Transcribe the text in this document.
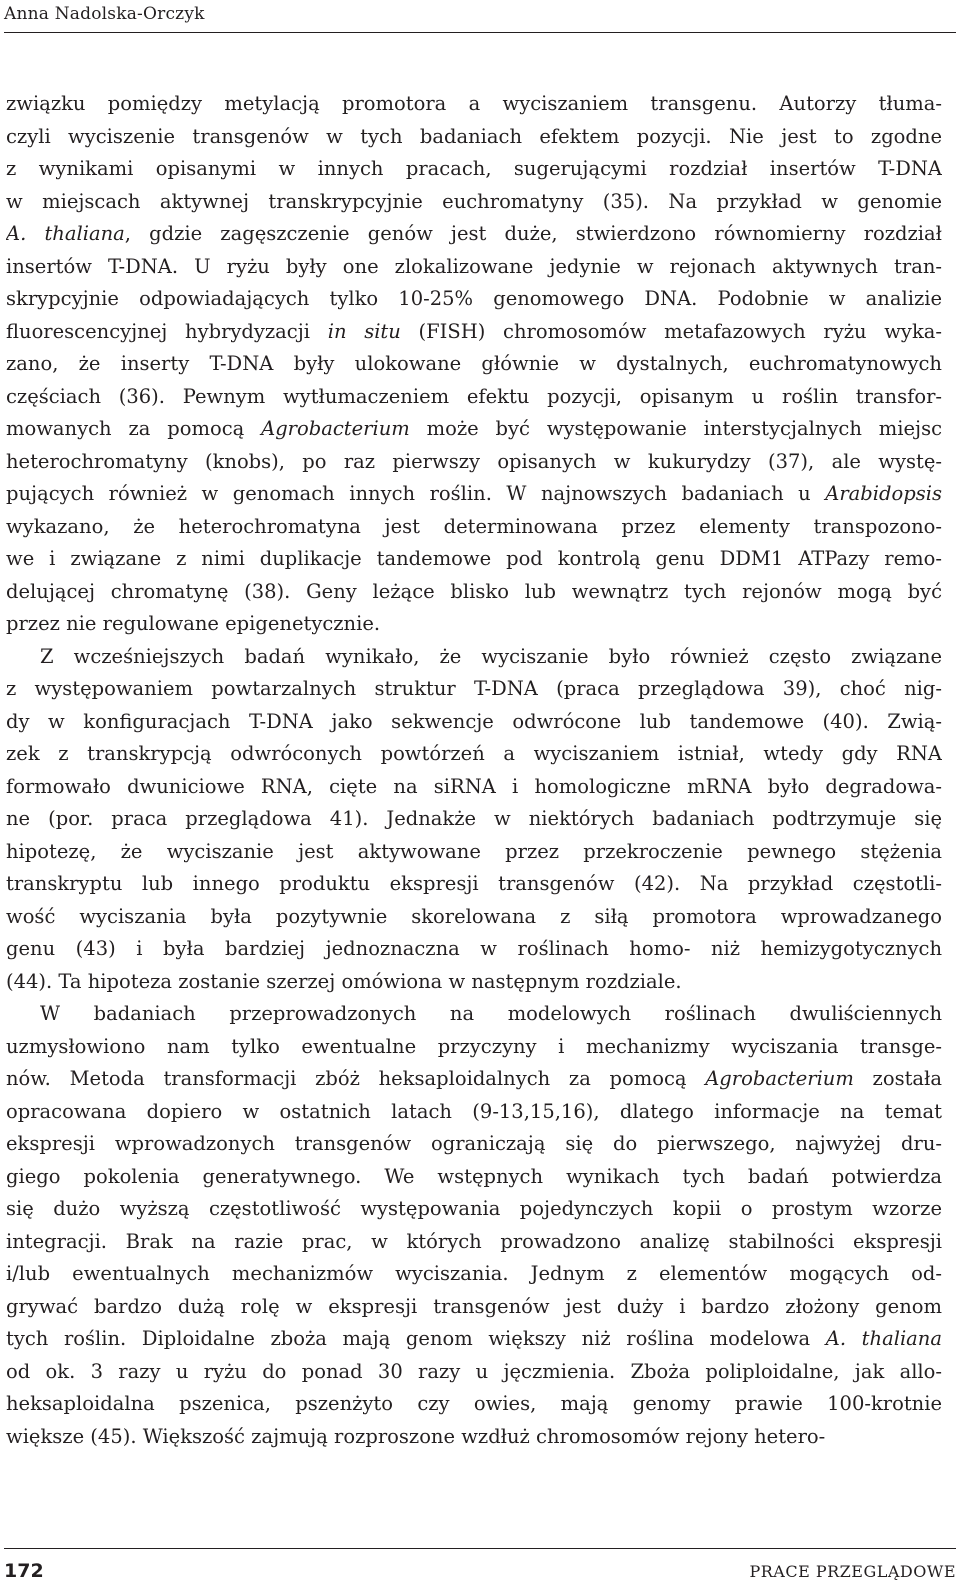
Anna Nadolska-Orczyk

związku pomiędzy metylacją promotora a wyciszaniem transgenu. Autorzy tłuma-
czyli wyciszenie transgenów w tych badaniach efektem pozycji. Nie jest to zgodne
z wynikami opisanymi w innych pracach, sugerującymi rozdział insertów T-DNA
w miejscach aktywnej transkrypcyjnie euchromatyny (35). Na przykład w genomie
A. thaliana, gdzie zagęszczenie genów jest duże, stwierdzono równomierny rozdział
insertów T-DNA. U ryżu były one zlokalizowane jedynie w rejonach aktywnych tran-
skrypcyjnie odpowiadających tylko 10-25% genomowego DNA. Podobnie w analizie
fluorescencyjnej hybrydyzacji in situ (FISH) chromosomów metafazowych ryżu wyka-
zano, że inserty T-DNA były ulokowane głównie w dystalnych, euchromatynowych
częściach (36). Pewnym wytłumaczeniem efektu pozycji, opisanym u roślin transfor-
mowanych za pomocą Agrobacterium może być występowanie interstycjalnych miejsc
heterochromatyny (knobs), po raz pierwszy opisanych w kukurydzy (37), ale wystę-
pujących również w genomach innych roślin. W najnowszych badaniach u Arabidopsis
wykazano, że heterochromatyna jest determinowana przez elementy transpozono-
we i związane z nimi duplikacje tandemowe pod kontrolą genu DDM1 ATPazy remo-
delującej chromatynę (38). Geny leżące blisko lub wewnątrz tych rejonów mogą być
przez nie regulowane epigenetycznie.

Z wcześniejszych badań wynikało, że wyciszanie było również często związane
z występowaniem powtarzalnych struktur T-DNA (praca przeglądowa 39), choć nig-
dy w konfiguracjach T-DNA jako sekwencje odwrócone lub tandemowe (40). Zwią-
zek z transkrypcją odwróconych powtórzeń a wyciszaniem istniał, wtedy gdy RNA
formowało dwuniciowe RNA, cięte na siRNA i homologiczne mRNA było degradowa-
ne (por. praca przeglądowa 41). Jednakże w niektórych badaniach podtrzymuje się
hipotezę, że wyciszanie jest aktywowane przez przekroczenie pewnego stężenia
transkryptu lub innego produktu ekspresji transgenów (42). Na przykład częstotli-
wość wyciszania była pozytywnie skorelowana z siłą promotora wprowadzanego
genu (43) i była bardziej jednoznaczna w roślinach homo- niż hemizygotycznych
(44). Ta hipoteza zostanie szerzej omówiona w następnym rozdziale.

W badaniach przeprowadzonych na modelowych roślinach dwuliściennych
uzmysłowiono nam tylko ewentualne przyczyny i mechanizmy wyciszania transge-
nów. Metoda transformacji zbóż heksaploidalnych za pomocą Agrobacterium została
opracowana dopiero w ostatnich latach (9-13,15,16), dlatego informacje na temat
ekspresji wprowadzonych transgenów ograniczają się do pierwszego, najwyżej dru-
giego pokolenia generatywnego. We wstępnych wynikach tych badań potwierdza
się dużo wyższą częstotliwość występowania pojedynczych kopii o prostym wzorze
integracji. Brak na razie prac, w których prowadzono analizę stabilności ekspresji
i/lub ewentualnych mechanizmów wyciszania. Jednym z elementów mogących od-
grywać bardzo dużą rolę w ekspresji transgenów jest duży i bardzo złożony genom
tych roślin. Diploidalne zboża mają genom większy niż roślina modelowa A. thaliana
od ok. 3 razy u ryżu do ponad 30 razy u jęczmienia. Zboża poliploidalne, jak allo-
heksaploidalna pszenica, pszenżyto czy owies, mają genomy prawie 100-krotnie
większe (45). Większość zajmują rozproszone wzdłuż chromosomów rejony hetero-

172	PRACE PRZEGLĄDOWE
